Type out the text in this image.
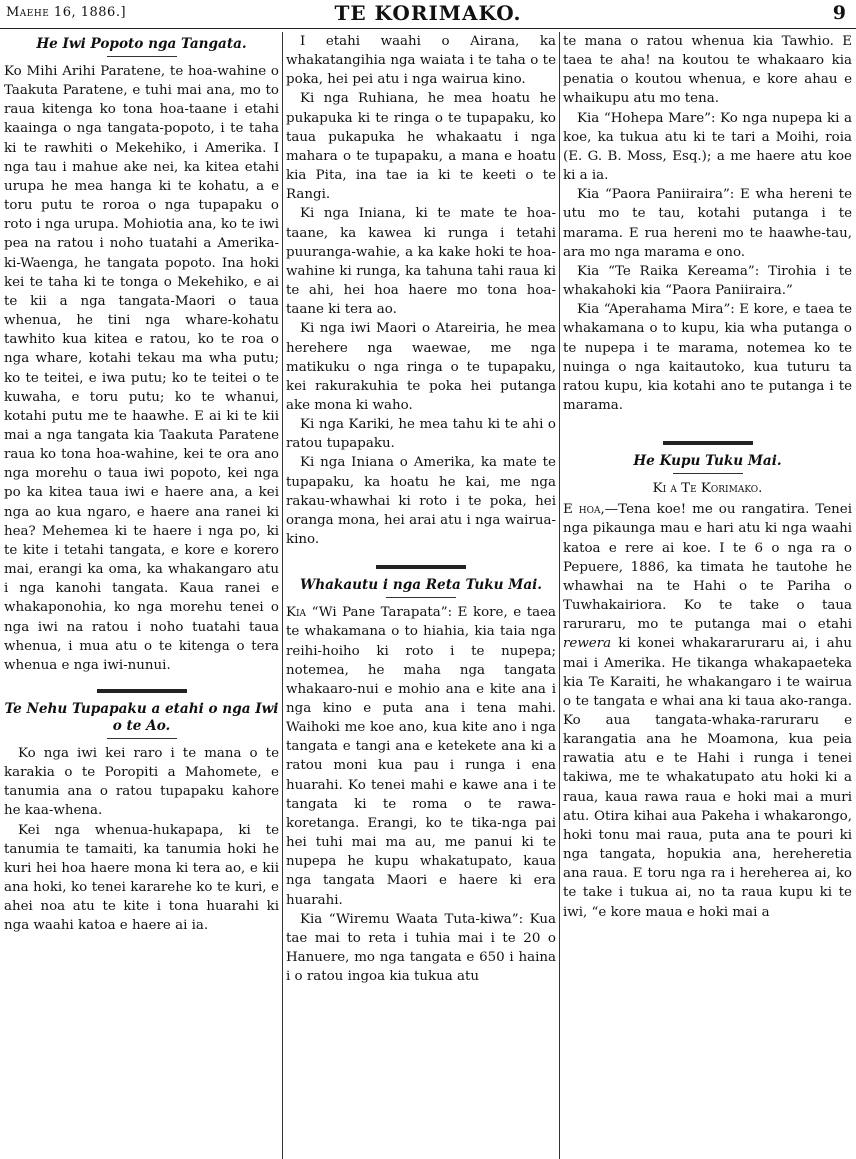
Maehe 16, 1886.]	TE KORIMAKO.	9
He Iwi Popoto nga Tangata.

Ko Mihi Arihi Paratene, te hoa-wahine o Taakuta Paratene, e tuhi mai ana, mo to raua kitenga ko tona hoa-taane i etahi kaainga o nga tangata-popoto, i te taha ki te rawhiti o Mekehiko, i Amerika. I nga tau i mahue ake nei, ka kitea etahi urupa he mea hanga ki te kohatu, a e toru putu te roroa o nga tupapaku o roto i nga urupa. Mohiotia ana, ko te iwi pea na ratou i noho tuatahi a Amerika-ki-Waenga, he tangata popoto. Ina hoki kei te taha ki te tonga o Mekehiko, e ai te kii a nga tangata-Maori o taua whenua, he tini nga whare-kohatu tawhito kua kitea e ratou, ko te roa o nga whare, kotahi tekau ma wha putu; ko te teitei, e iwa putu; ko te teitei o te kuwaha, e toru putu; ko te whanui, kotahi putu me te haawhe. E ai ki te kii mai a nga tangata kia Taakuta Paratene raua ko tona hoa-wahine, kei te ora ano nga morehu o taua iwi popoto, kei nga po ka kitea taua iwi e haere ana, a kei nga ao kua ngaro, e haere ana ranei ki hea? Mehemea ki te haere i nga po, ki te kite i tetahi tangata, e kore e korero mai, erangi ka oma, ka whakangaro atu i nga kanohi tangata. Kaua ranei e whakaponohia, ko nga morehu tenei o nga iwi na ratou i noho tuatahi taua whenua, i mua atu o te kitenga o tera whenua e nga iwi-nunui.

Te Nehu Tupapaku a etahi o nga Iwi o te Ao.

Ko nga iwi kei raro i te mana o te karakia o te Poropiti a Mahomete, e tanumia ana o ratou tupapaku kahore he kaa-whena.

Kei nga whenua-hukapapa, ki te tanumia te tamaiti, ka tanumia hoki he kuri hei hoa haere mona ki tera ao, e kii ana hoki, ko tenei kararehe ko te kuri, e ahei noa atu te kite i tona huarahi ki nga waahi katoa e haere ai ia.

I etahi waahi o Airana, ka whakatangihia nga waiata i te taha o te poka, hei pei atu i nga wairua kino.

Ki nga Ruhiana, he mea hoatu he pukapuka ki te ringa o te tupapaku, ko taua pukapuka he whakaatu i nga mahara o te tupapaku, a mana e hoatu kia Pita, ina tae ia ki te keeti o te Rangi.

Ki nga Iniana, ki te mate te hoa-taane, ka kawea ki runga i tetahi puuranga-wahie, a ka kake hoki te hoa-wahine ki runga, ka tahuna tahi raua ki te ahi, hei hoa haere mo tona hoa-taane ki tera ao.

Ki nga iwi Maori o Atareiria, he mea herehere nga waewae, me nga matikuku o nga ringa o te tupapaku, kei rakurakuhia te poka hei putanga ake mona ki waho.

Ki nga Kariki, he mea tahu ki te ahi o ratou tupapaku.

Ki nga Iniana o Amerika, ka mate te tupapaku, ka hoatu he kai, me nga rakau-whawhai ki roto i te poka, hei oranga mona, hei arai atu i nga wairua-kino.

Whakautu i nga Reta Tuku Mai.

Kia “Wi Pane Tarapata”: E kore, e taea te whakamana o to hiahia, kia taia nga reihi-hoiho ki roto i te nupepa; notemea, he maha nga tangata whakaaro-nui e mohio ana e kite ana i nga kino e puta ana i tena mahi. Waihoki me koe ano, kua kite ano i nga tangata e tangi ana e ketekete ana ki a ratou moni kua pau i runga i ena huarahi. Ko tenei mahi e kawe ana i te tangata ki te roma o te rawa-koretanga. Erangi, ko te tika-nga pai hei tuhi mai ma au, me panui ki te nupepa he kupu whakatupato, kaua nga tangata Maori e haere ki era huarahi.

Kia “Wiremu Waata Tuta-kiwa”: Kua tae mai to reta i tuhia mai i te 20 o Hanuere, mo nga tangata e 650 i haina i o ratou ingoa kia tukua atu

te mana o ratou whenua kia Tawhio. E taea te aha! na koutou te whakaaro kia penatia o koutou whenua, e kore ahau e whaikupu atu mo tena.

Kia “Hohepa Mare”: Ko nga nupepa ki a koe, ka tukua atu ki te tari a Moihi, roia (E. G. B. Moss, Esq.); a me haere atu koe ki a ia.

Kia “Paora Paniiraira”: E wha hereni te utu mo te tau, kotahi putanga i te marama. E rua hereni mo te haawhe-tau, ara mo nga marama e ono.

Kia “Te Raika Kereama”: Tirohia i te whakahoki kia “Paora Paniiraira.”

Kia “Aperahama Mira”: E kore, e taea te whakamana o to kupu, kia wha putanga o te nupepa i te marama, notemea ko te nuinga o nga kaitautoko, kua tuturu ta ratou kupu, kia kotahi ano te putanga i te marama.

He Kupu Tuku Mai.

Ki a Te Korimako.

E hoa,—Tena koe! me ou rangatira. Tenei nga pikaunga mau e hari atu ki nga waahi katoa e rere ai koe. I te 6 o nga ra o Pepuere, 1886, ka timata he tautohe he whawhai na te Hahi o te Pariha o Tuwhakairiora. Ko te take o taua raruraru, mo te putanga mai o etahi rewera ki konei whakararuraru ai, i ahu mai i Amerika. He tikanga whakapaeteka kia Te Karaiti, he whakangaro i te wairua o te tangata e whai ana ki taua ako-ranga. Ko aua tangata-whaka-raruraru e karangatia ana he Moamona, kua peia rawatia atu e te Hahi i runga i tenei takiwa, me te whakatupato atu hoki ki a raua, kaua rawa raua e hoki mai a muri atu. Otira kihai aua Pakeha i whakarongo, hoki tonu mai raua, puta ana te pouri ki nga tangata, hopukia ana, hereheretia ana raua. E toru nga ra i hereherea ai, ko te take i tukua ai, no ta raua kupu ki te iwi, “e kore maua e hoki mai a
